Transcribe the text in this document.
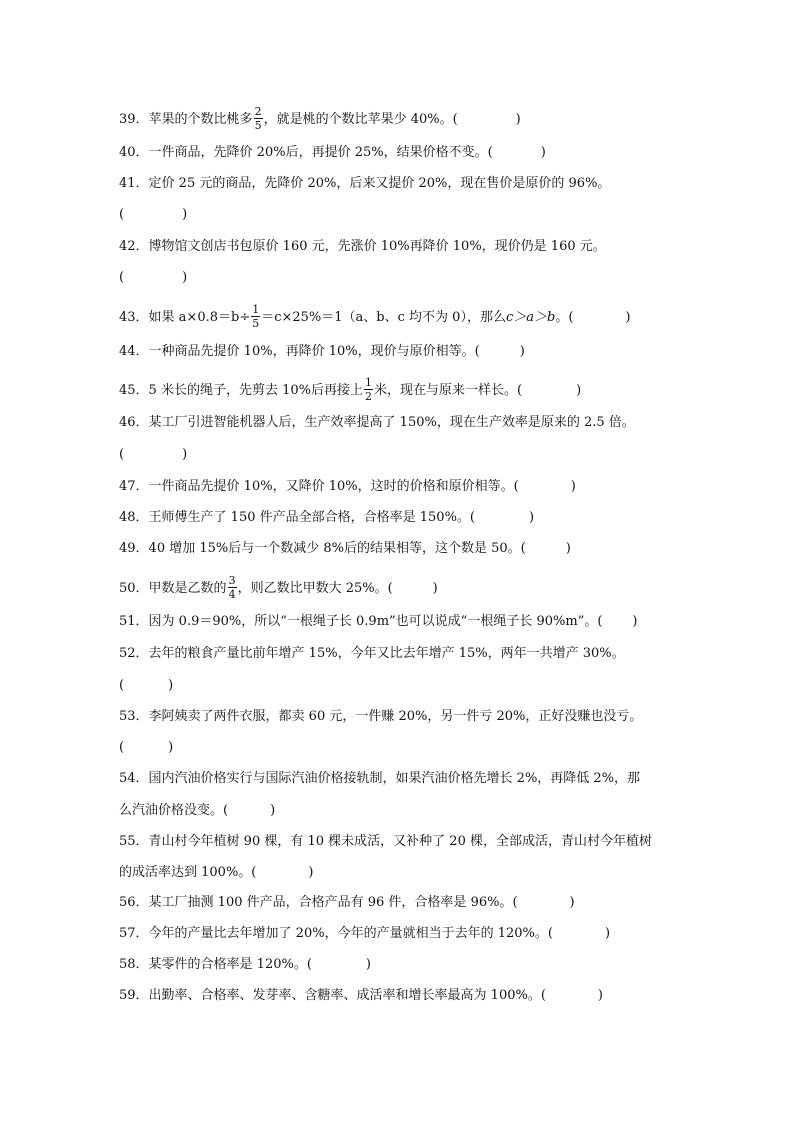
39．苹果的个数比桃多 $\frac{2}{5}$ ，就是桃的个数比苹果少 40%。(	)
40．一件商品，先降价 20%后，再提价 25%，结果价格不变。(	)
41．定价 25 元的商品，先降价 20%，后来又提价 20%，现在售价是原价的 96%。
(	)
42．博物馆文创店书包原价 160 元，先涨价 10%再降价 10%，现价仍是 160 元。
(	)
43．如果 $a\times 0.8=b\div \frac{1}{5} =c\times 25\%=1(a$、b、c 均不为 0），那么c＞a＞b。(	)
44．一种商品先提价 10%，再降价 10%，现价与原价相等。(	)
45．5 米长的绳子，先剪去 10%后再接上 $\frac{1}{2}$ 米，现在与原来一样长。(	)
46．某工厂引进智能机器人后，生产效率提高了 150%，现在生产效率是原来的 2.5 倍。
(	)
47．一件商品先提价 10%，又降价 10%，这时的价格和原价相等。(	)
48．王师傅生产了 150 件产品全部合格，合格率是 150%。(	)
49．40 增加 15%后与一个数减少 8%后的结果相等，这个数是 50。(	)
50．甲数是乙数的 $\frac{3}{4}$ ，则乙数比甲数大 25%。(	)
51．因为 0.9＝90%，所以“一根绳子长 0.9m”也可以说成“一根绳子长 90%m”。( )
52．去年的粮食产量比前年增产 15%，今年又比去年增产 15%，两年一共增产 30%。
(	)
53．李阿姨卖了两件衣服，都卖 60 元，一件赚 20%，另一件亏 20%，正好没赚也没亏。
(	)
54．国内汽油价格实行与国际汽油价格接轨制，如果汽油价格先增长 2%，再降低 2%，那
么汽油价格没变。(	)
55．青山村今年植树 90 棵，有 10 棵未成活，又补种了 20 棵，全部成活，青山村今年植树
的成活率达到 100%。(	)
56．某工厂抽测 100 件产品，合格产品有 96 件，合格率是 96%。(	)
57．今年的产量比去年增加了 20%，今年的产量就相当于去年的 120%。(	)
58．某零件的合格率是 120%。(	)
59．出勤率、合格率、发芽率、含糖率、成活率和增长率最高为 100%。(	)
